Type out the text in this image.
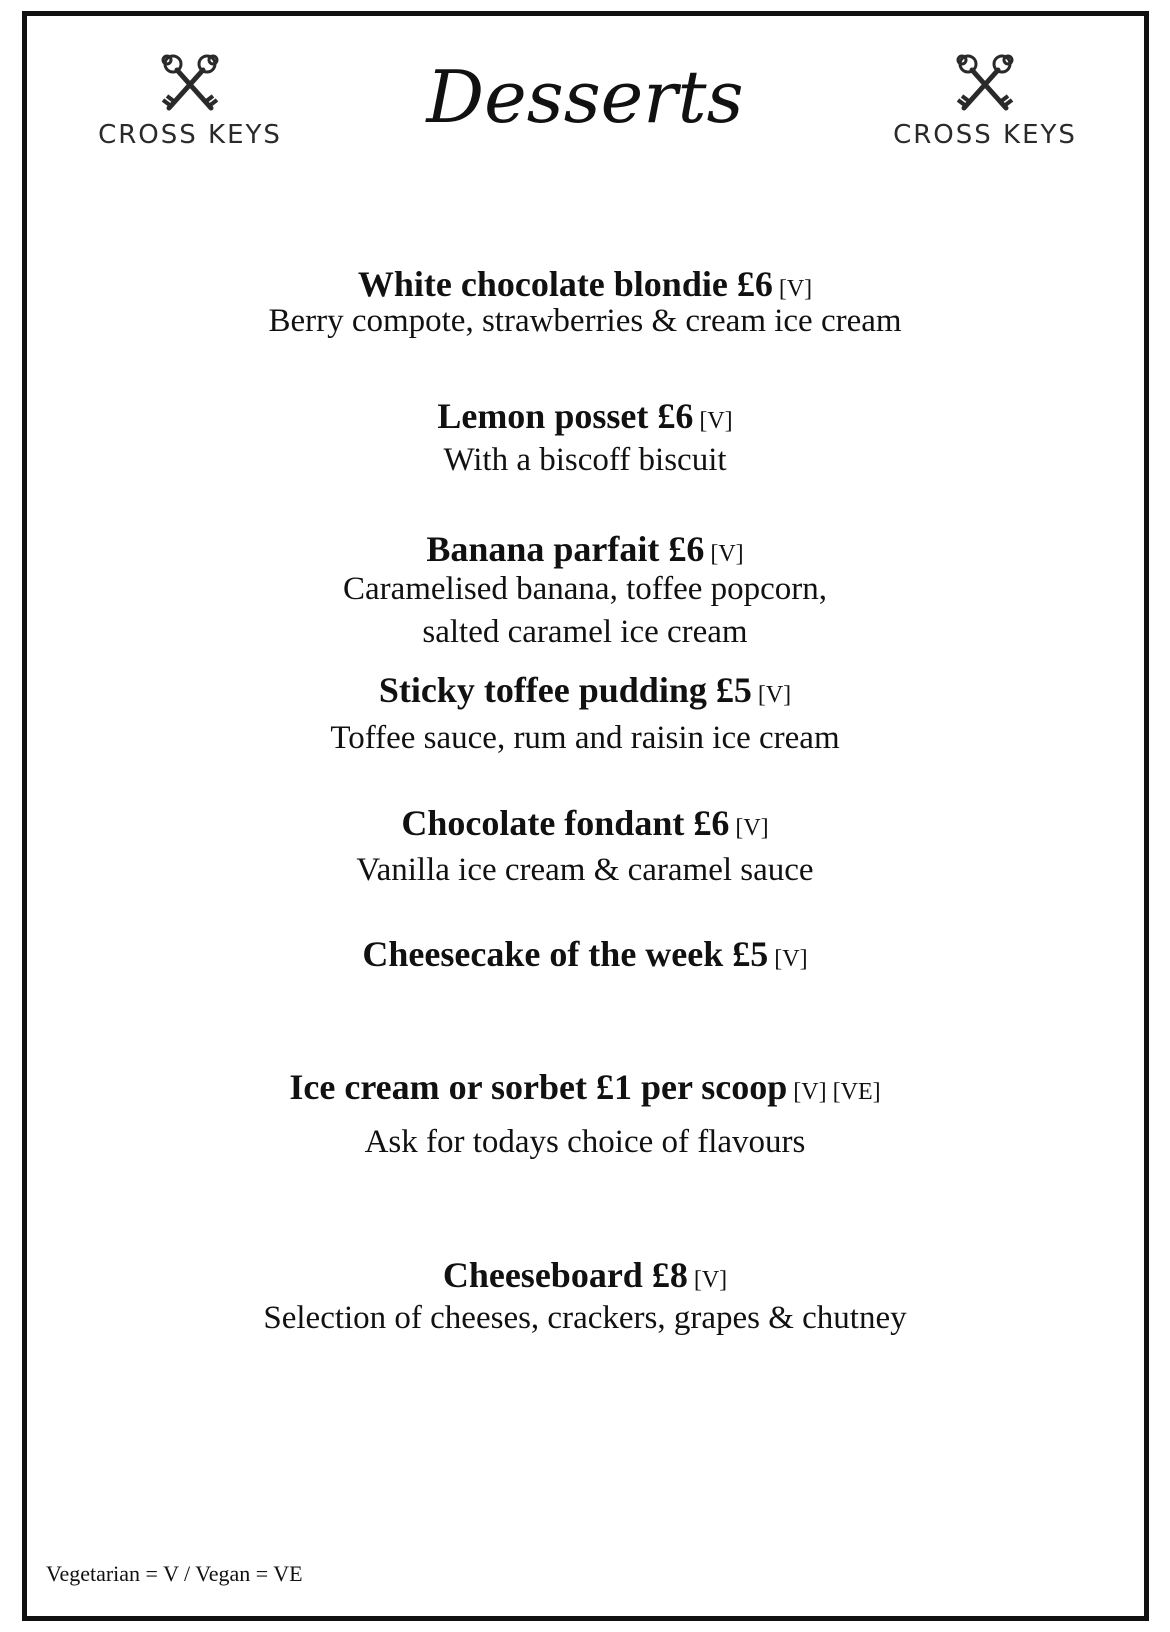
CROSS KEYS	CROSS KEYS
Desserts
White chocolate blondie £6 [V]
Berry compote, strawberries & cream ice cream
Lemon posset £6 [V]
With a biscoff biscuit
Banana parfait £6 [V]
Caramelised banana, toffee popcorn,
salted caramel ice cream
Sticky toffee pudding £5 [V]
Toffee sauce, rum and raisin ice cream
Chocolate fondant £6 [V]
Vanilla ice cream & caramel sauce
Cheesecake of the week £5 [V]
Ice cream or sorbet £1 per scoop [V] [VE]
Ask for todays choice of flavours
Cheeseboard £8 [V]
Selection of cheeses, crackers, grapes & chutney
Vegetarian = V / Vegan = VE
